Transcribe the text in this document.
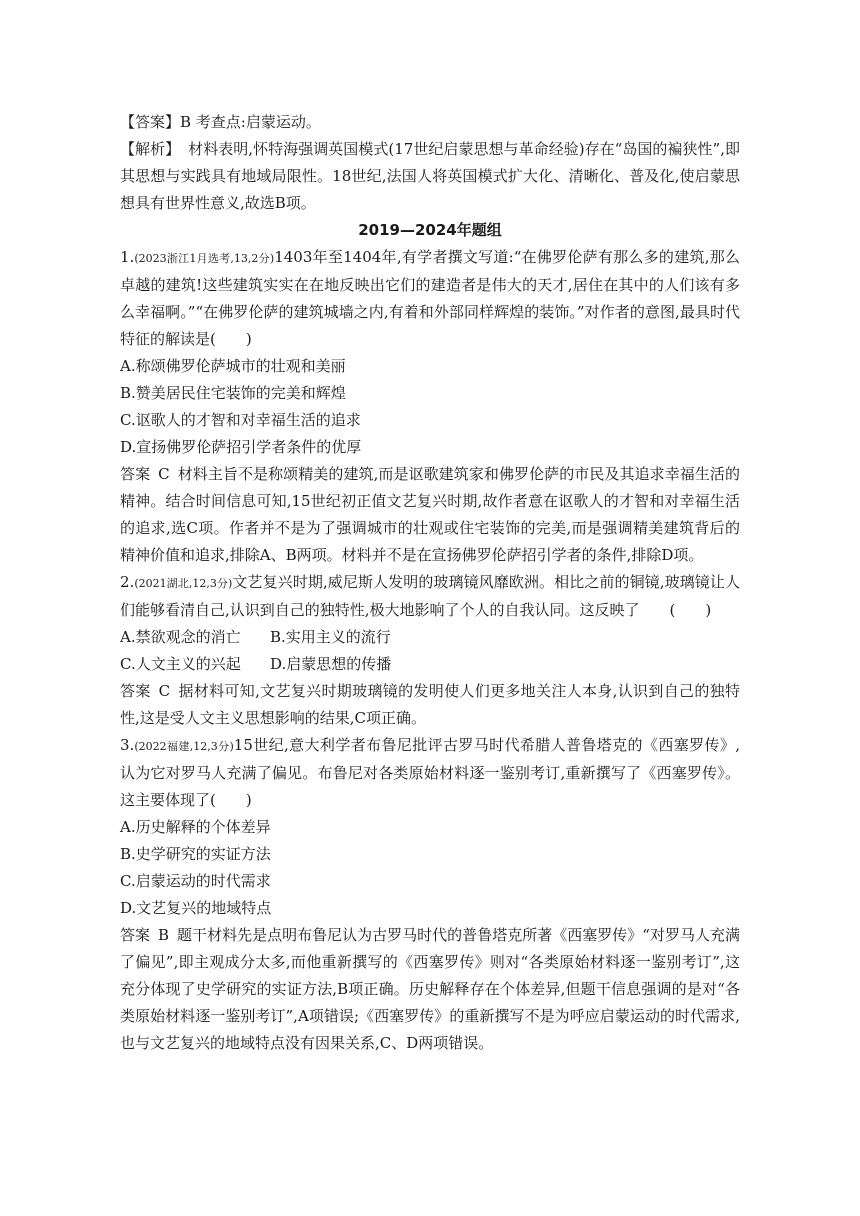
【答案】B 考查点:启蒙运动。

【解析】 材料表明,怀特海强调英国模式(17世纪启蒙思想与革命经验)存在“岛国的褊狭性”,即其思想与实践具有地域局限性。18世纪,法国人将英国模式扩大化、清晰化、普及化,使启蒙思想具有世界性意义,故选B项。

2019—2024年题组

1.(2023浙江1月选考,13,2分)1403年至1404年,有学者撰文写道:“在佛罗伦萨有那么多的建筑,那么卓越的建筑!这些建筑实实在在地反映出它们的建造者是伟大的天才,居住在其中的人们该有多么幸福啊。”“在佛罗伦萨的建筑城墙之内,有着和外部同样辉煌的装饰。”对作者的意图,最具时代特征的解读是(　　)

A.称颂佛罗伦萨城市的壮观和美丽

B.赞美居民住宅装饰的完美和辉煌

C.讴歌人的才智和对幸福生活的追求

D.宣扬佛罗伦萨招引学者条件的优厚

答案 C 材料主旨不是称颂精美的建筑,而是讴歌建筑家和佛罗伦萨的市民及其追求幸福生活的精神。结合时间信息可知,15世纪初正值文艺复兴时期,故作者意在讴歌人的才智和对幸福生活的追求,选C项。作者并不是为了强调城市的壮观或住宅装饰的完美,而是强调精美建筑背后的精神价值和追求,排除A、B两项。材料并不是在宣扬佛罗伦萨招引学者的条件,排除D项。

2.(2021湖北,12,3分)文艺复兴时期,威尼斯人发明的玻璃镜风靡欧洲。相比之前的铜镜,玻璃镜让人们能够看清自己,认识到自己的独特性,极大地影响了个人的自我认同。这反映了　　(　　)

A.禁欲观念的消亡	B.实用主义的流行
C.人文主义的兴起	D.启蒙思想的传播

答案 C 据材料可知,文艺复兴时期玻璃镜的发明使人们更多地关注人本身,认识到自己的独特性,这是受人文主义思想影响的结果,C项正确。

3.(2022福建,12,3分)15世纪,意大利学者布鲁尼批评古罗马时代希腊人普鲁塔克的《西塞罗传》,认为它对罗马人充满了偏见。布鲁尼对各类原始材料逐一鉴别考订,重新撰写了《西塞罗传》。这主要体现了(　　)

A.历史解释的个体差异

B.史学研究的实证方法

C.启蒙运动的时代需求

D.文艺复兴的地域特点

答案 B 题干材料先是点明布鲁尼认为古罗马时代的普鲁塔克所著《西塞罗传》“对罗马人充满了偏见”,即主观成分太多,而他重新撰写的《西塞罗传》则对“各类原始材料逐一鉴别考订”,这充分体现了史学研究的实证方法,B项正确。历史解释存在个体差异,但题干信息强调的是对“各类原始材料逐一鉴别考订”,A项错误;《西塞罗传》的重新撰写不是为呼应启蒙运动的时代需求,也与文艺复兴的地域特点没有因果关系,C、D两项错误。
